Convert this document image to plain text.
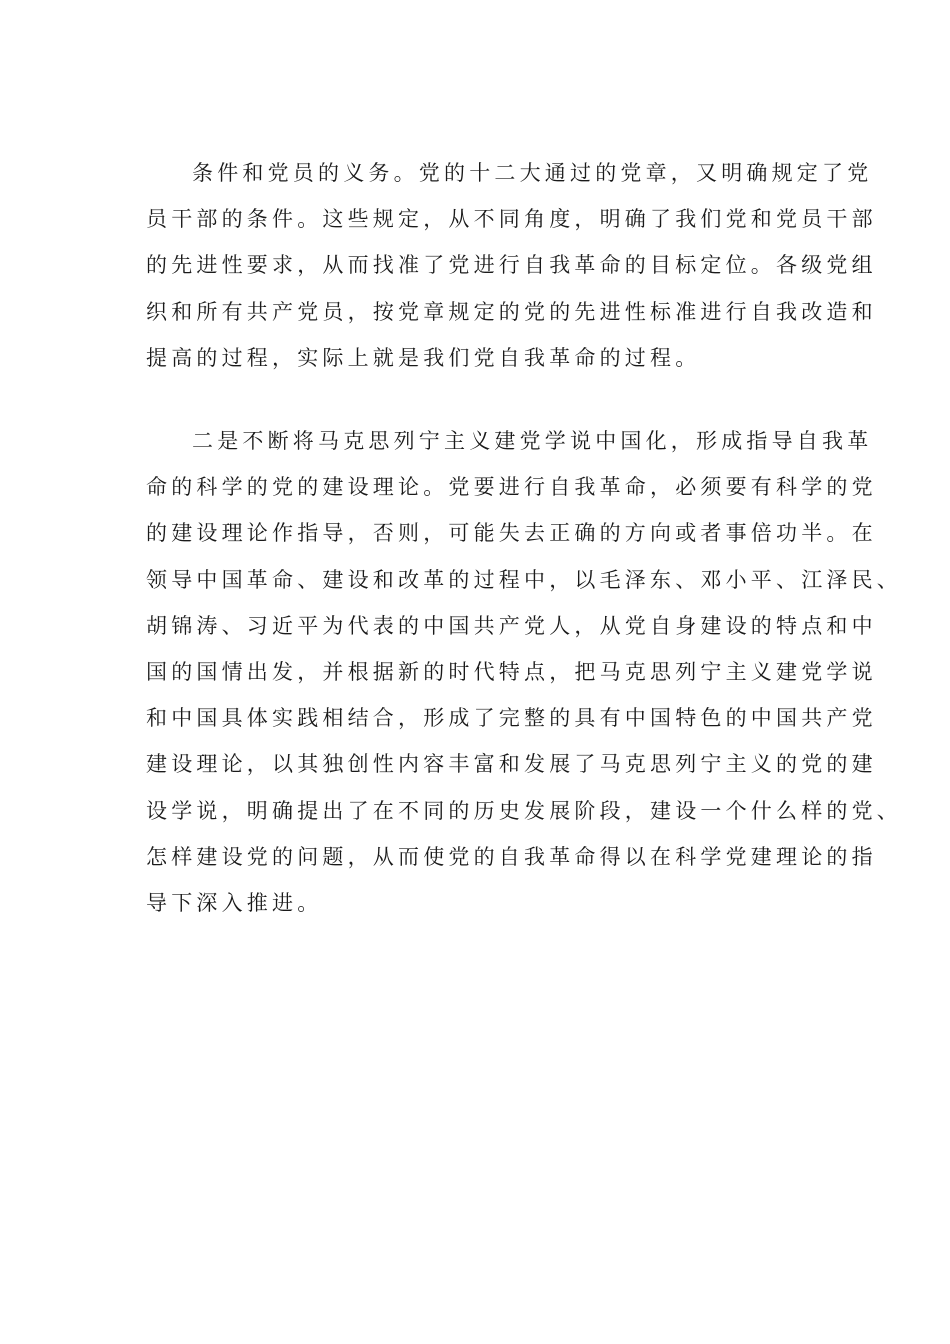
条件和党员的义务。党的十二大通过的党章，又明确规定了党
员干部的条件。这些规定，从不同角度，明确了我们党和党员干部
的先进性要求，从而找准了党进行自我革命的目标定位。各级党组
织和所有共产党员，按党章规定的党的先进性标准进行自我改造和
提高的过程，实际上就是我们党自我革命的过程。
二是不断将马克思列宁主义建党学说中国化，形成指导自我革
命的科学的党的建设理论。党要进行自我革命，必须要有科学的党
的建设理论作指导，否则，可能失去正确的方向或者事倍功半。在
领导中国革命、建设和改革的过程中，以毛泽东、邓小平、江泽民、
胡锦涛、习近平为代表的中国共产党人，从党自身建设的特点和中
国的国情出发，并根据新的时代特点，把马克思列宁主义建党学说
和中国具体实践相结合，形成了完整的具有中国特色的中国共产党
建设理论，以其独创性内容丰富和发展了马克思列宁主义的党的建
设学说，明确提出了在不同的历史发展阶段，建设一个什么样的党、
怎样建设党的问题，从而使党的自我革命得以在科学党建理论的指
导下深入推进。
